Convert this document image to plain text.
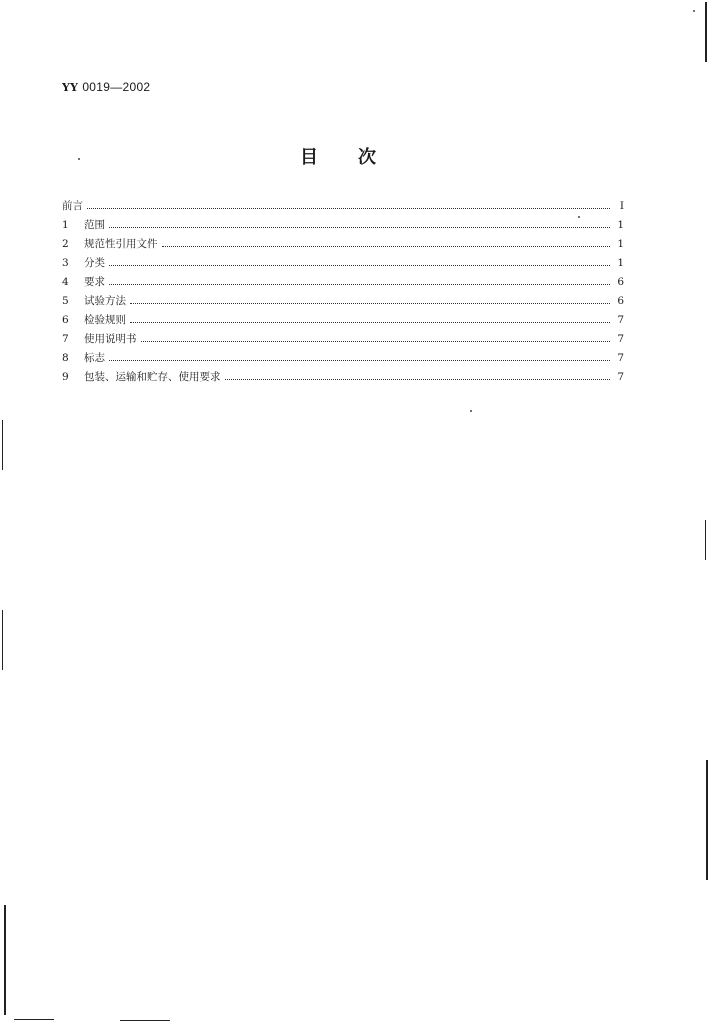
YY 0019—2002
目次
前言	I
1	范围	1
2	规范性引用文件	1
3	分类	1
4	要求	6
5	试验方法	6
6	检验规则	7
7	使用说明书	7
8	标志	7
9	包装、运输和贮存、使用要求	7
